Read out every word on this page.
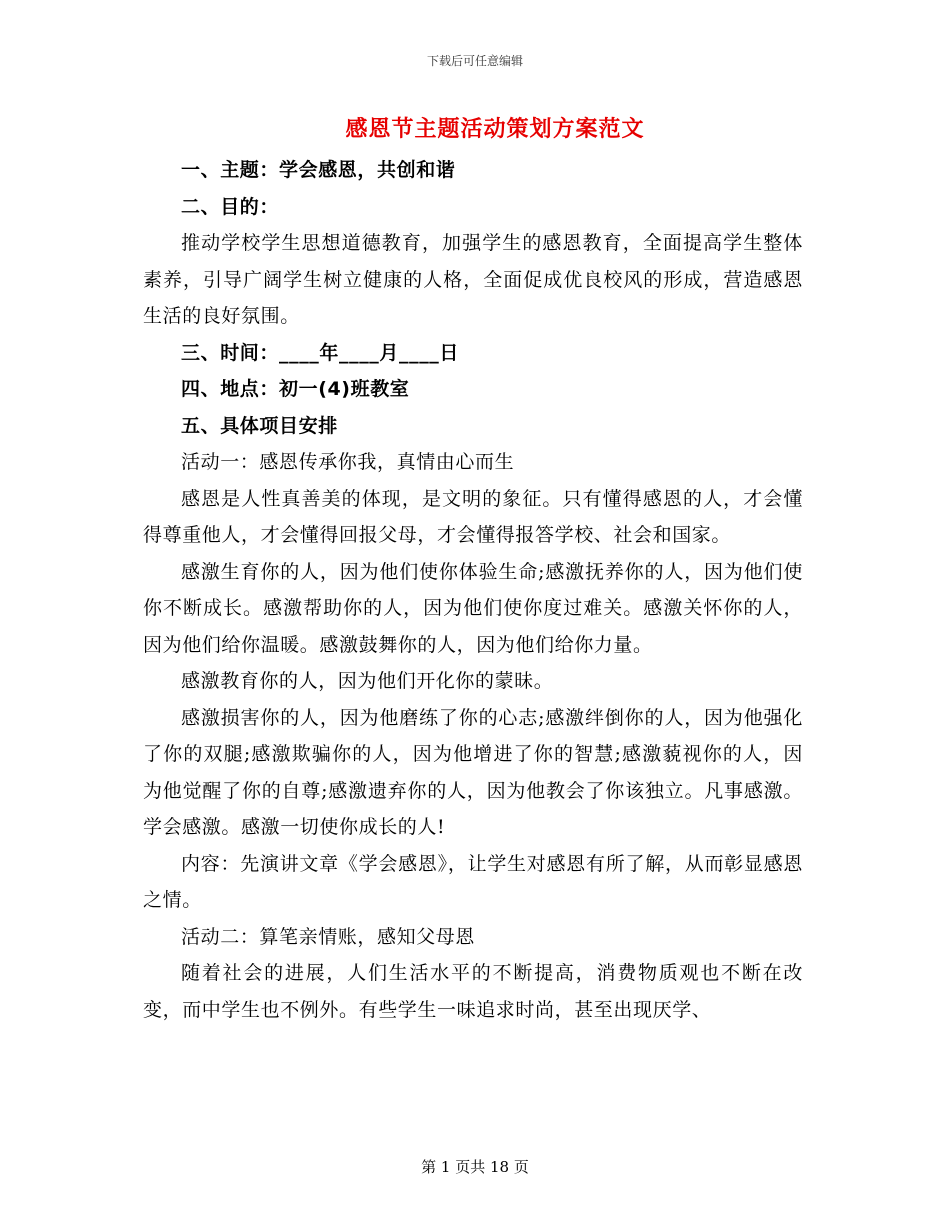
下载后可任意编辑
感恩节主题活动策划方案范文

一、主题：学会感恩，共创和谐

二、目的：

推动学校学生思想道德教育，加强学生的感恩教育，全面提高学生整体素养，引导广阔学生树立健康的人格，全面促成优良校风的形成，营造感恩生活的良好氛围。

三、时间：____年____月____日

四、地点：初一(4)班教室

五、具体项目安排

活动一：感恩传承你我，真情由心而生

感恩是人性真善美的体现，是文明的象征。只有懂得感恩的人，才会懂得尊重他人，才会懂得回报父母，才会懂得报答学校、社会和国家。

感激生育你的人，因为他们使你体验生命;感激抚养你的人，因为他们使你不断成长。感激帮助你的人，因为他们使你度过难关。感激关怀你的人，因为他们给你温暖。感激鼓舞你的人，因为他们给你力量。

感激教育你的人，因为他们开化你的蒙昧。

感激损害你的人，因为他磨练了你的心志;感激绊倒你的人，因为他强化了你的双腿;感激欺骗你的人，因为他增进了你的智慧;感激藐视你的人，因为他觉醒了你的自尊;感激遗弃你的人，因为他教会了你该独立。凡事感激。学会感激。感激一切使你成长的人!

内容：先演讲文章《学会感恩》，让学生对感恩有所了解，从而彰显感恩之情。

活动二：算笔亲情账，感知父母恩

随着社会的进展，人们生活水平的不断提高，消费物质观也不断在改变，而中学生也不例外。有些学生一味追求时尚，甚至出现厌学、

第 1 页共 18 页
